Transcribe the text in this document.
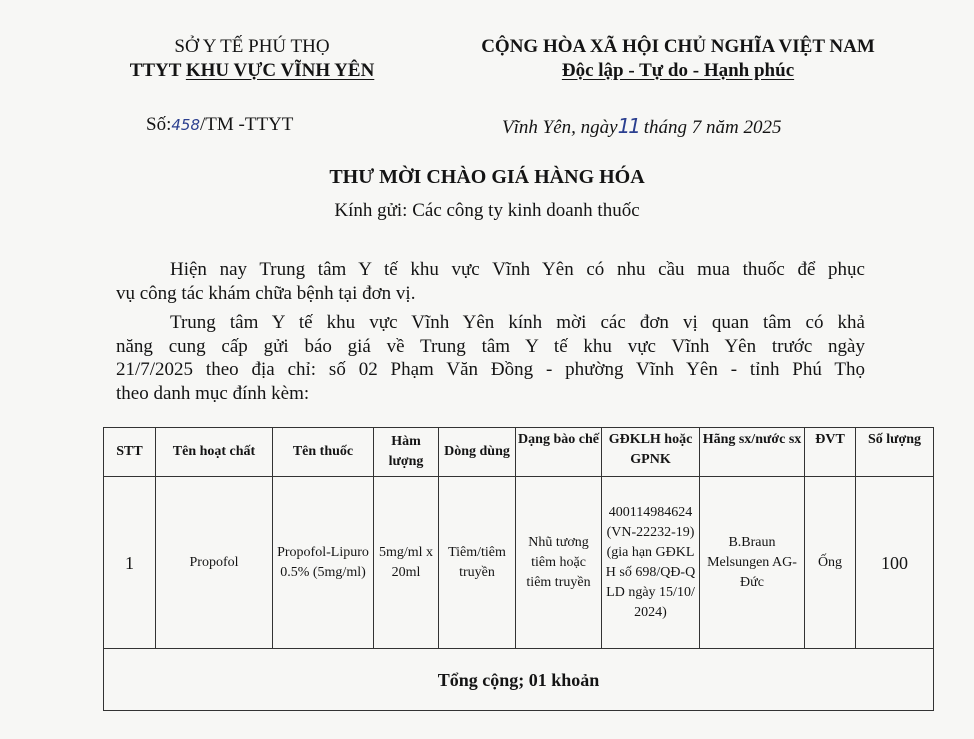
SỞ Y TẾ PHÚ THỌ
TTYT KHU VỰC VĨNH YÊN
CỘNG HÒA XÃ HỘI CHỦ NGHĨA VIỆT NAM
Độc lập - Tự do - Hạnh phúc
Số:458/TM -TTYT	Vĩnh Yên, ngày11 tháng 7 năm 2025
THƯ MỜI CHÀO GIÁ HÀNG HÓA
Kính gửi: Các công ty kinh doanh thuốc
Hiện nay Trung tâm Y tế khu vực Vĩnh Yên có nhu cầu mua thuốc để phục
vụ công tác khám chữa bệnh tại đơn vị.
Trung tâm Y tế khu vực Vĩnh Yên kính mời các đơn vị quan tâm có khả
năng cung cấp gửi báo giá về Trung tâm Y tế khu vực Vĩnh Yên trước ngày
21/7/2025 theo địa chỉ: số 02 Phạm Văn Đồng - phường Vĩnh Yên - tỉnh Phú Thọ
theo danh mục đính kèm:
STT	Tên hoạt chất	Tên thuốc	Hàm lượng	Dòng dùng	Dạng bào chế	GĐKLH hoặc GPNK	Hãng sx/nước sx	ĐVT	Số lượng
1	Propofol	Propofol-Lipuro 0.5% (5mg/ml)	5mg/ml x 20ml	Tiêm/tiêm truyền	Nhũ tương tiêm hoặc tiêm truyền	400114984624 (VN-22232-19) (gia hạn GĐKLH số 698/QĐ-QLD ngày 15/10/2024)	B.Braun Melsungen AG-Đức	Ống	100
Tổng cộng; 01 khoản									
